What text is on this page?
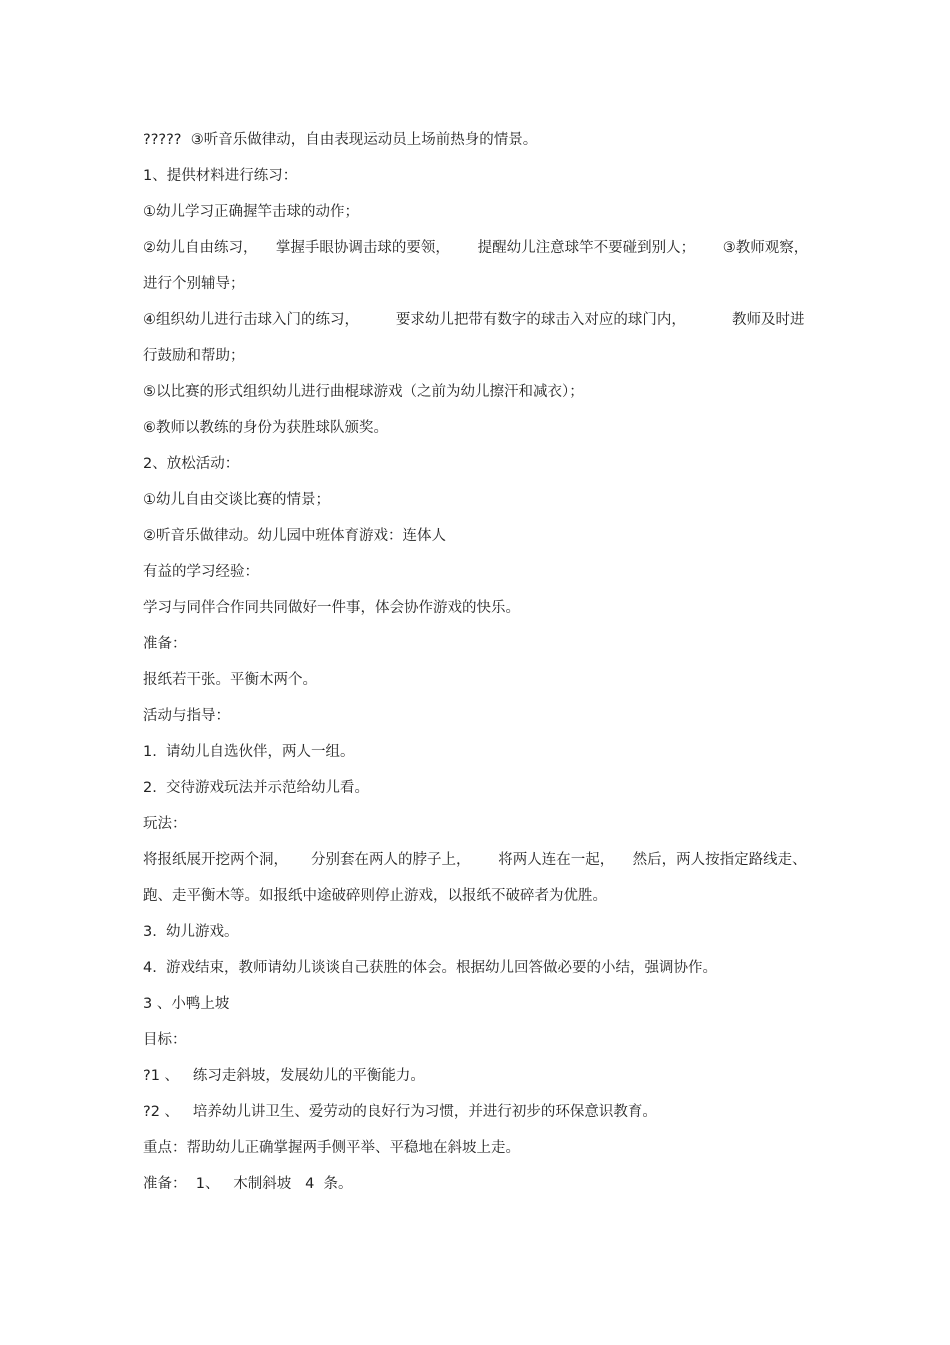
?????  ③听音乐做律动，自由表现运动员上场前热身的情景。
1、提供材料进行练习：
①幼儿学习正确握竿击球的动作；
②幼儿自由练习，    掌握手眼协调击球的要领，      提醒幼儿注意球竿不要碰到别人；      ③教师观察，
进行个别辅导；
④组织幼儿进行击球入门的练习，        要求幼儿把带有数字的球击入对应的球门内，          教师及时进
行鼓励和帮助；
⑤以比赛的形式组织幼儿进行曲棍球游戏（之前为幼儿擦汗和减衣）；
⑥教师以教练的身份为获胜球队颁奖。
2、放松活动：
①幼儿自由交谈比赛的情景；
②听音乐做律动。幼儿园中班体育游戏：连体人
有益的学习经验：
学习与同伴合作同共同做好一件事，体会协作游戏的快乐。
准备：
报纸若干张。平衡木两个。
活动与指导：
1.  请幼儿自选伙伴，两人一组。
2.  交待游戏玩法并示范给幼儿看。
玩法：
将报纸展开挖两个洞，     分别套在两人的脖子上，      将两人连在一起，    然后，两人按指定路线走、
跑、走平衡木等。如报纸中途破碎则停止游戏，以报纸不破碎者为优胜。
3.  幼儿游戏。
4.  游戏结束，教师请幼儿谈谈自己获胜的体会。根据幼儿回答做必要的小结，强调协作。
3 、小鸭上坡
目标：
?1 、   练习走斜坡，发展幼儿的平衡能力。
?2 、   培养幼儿讲卫生、爱劳动的良好行为习惯，并进行初步的环保意识教育。
重点：帮助幼儿正确掌握两手侧平举、平稳地在斜坡上走。
准备：  1、   木制斜坡   4  条。
